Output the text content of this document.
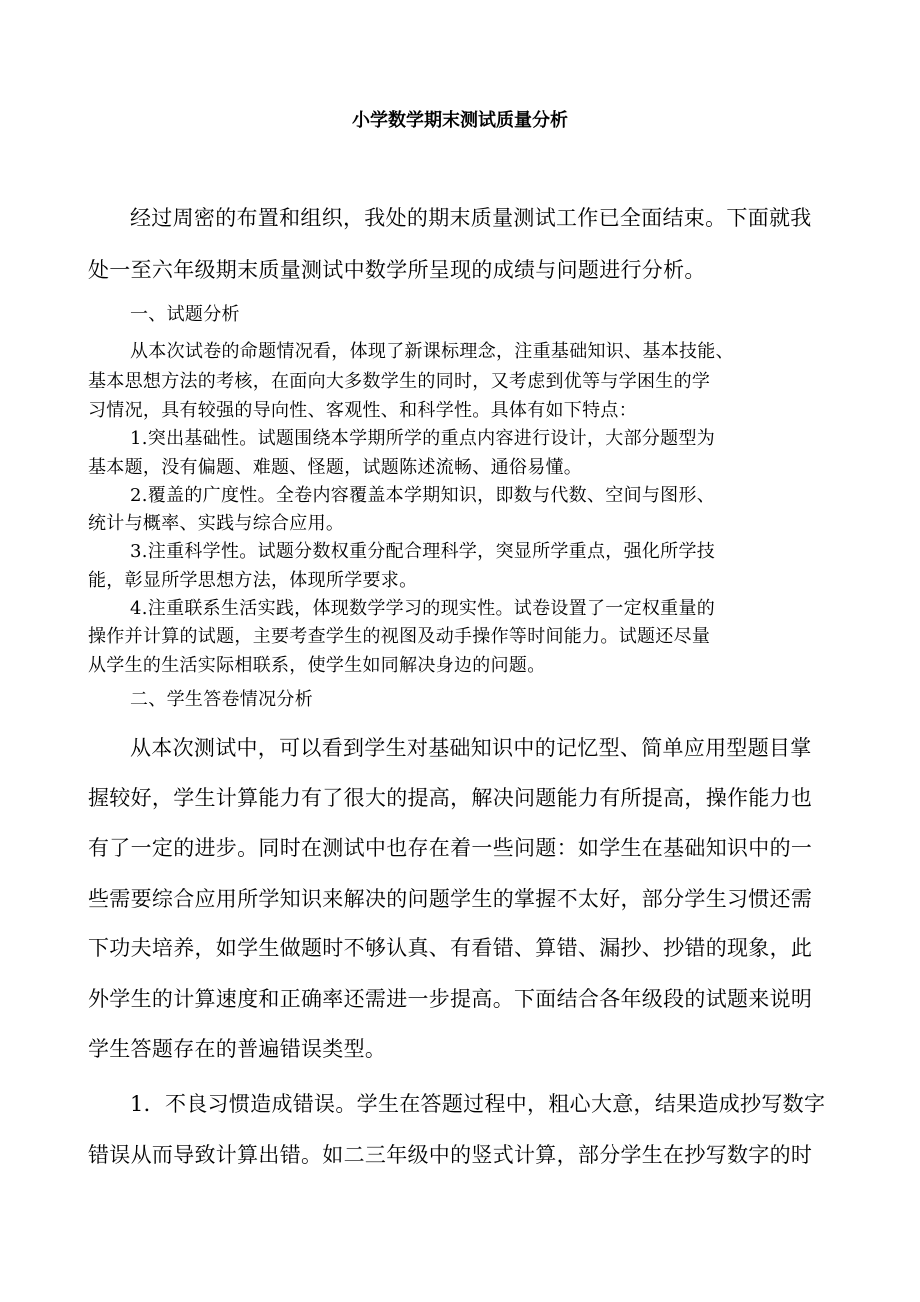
小学数学期末测试质量分析

经过周密的布置和组织，我处的期末质量测试工作已全面结束。下面就我

处一至六年级期末质量测试中数学所呈现的成绩与问题进行分析。

一、试题分析

从本次试卷的命题情况看，体现了新课标理念，注重基础知识、基本技能、

基本思想方法的考核，在面向大多数学生的同时，又考虑到优等与学困生的学

习情况，具有较强的导向性、客观性、和科学性。具体有如下特点：

1.突出基础性。试题围绕本学期所学的重点内容进行设计，大部分题型为

基本题，没有偏题、难题、怪题，试题陈述流畅、通俗易懂。

2.覆盖的广度性。全卷内容覆盖本学期知识，即数与代数、空间与图形、

统计与概率、实践与综合应用。

3.注重科学性。试题分数权重分配合理科学，突显所学重点，强化所学技

能，彰显所学思想方法，体现所学要求。

4.注重联系生活实践，体现数学学习的现实性。试卷设置了一定权重量的

操作并计算的试题，主要考查学生的视图及动手操作等时间能力。试题还尽量

从学生的生活实际相联系，使学生如同解决身边的问题。

二、学生答卷情况分析

从本次测试中，可以看到学生对基础知识中的记忆型、简单应用型题目掌

握较好，学生计算能力有了很大的提高，解决问题能力有所提高，操作能力也

有了一定的进步。同时在测试中也存在着一些问题：如学生在基础知识中的一

些需要综合应用所学知识来解决的问题学生的掌握不太好，部分学生习惯还需

下功夫培养，如学生做题时不够认真、有看错、算错、漏抄、抄错的现象，此

外学生的计算速度和正确率还需进一步提高。下面结合各年级段的试题来说明

学生答题存在的普遍错误类型。

1．不良习惯造成错误。学生在答题过程中，粗心大意，结果造成抄写数字

错误从而导致计算出错。如二三年级中的竖式计算，部分学生在抄写数字的时
